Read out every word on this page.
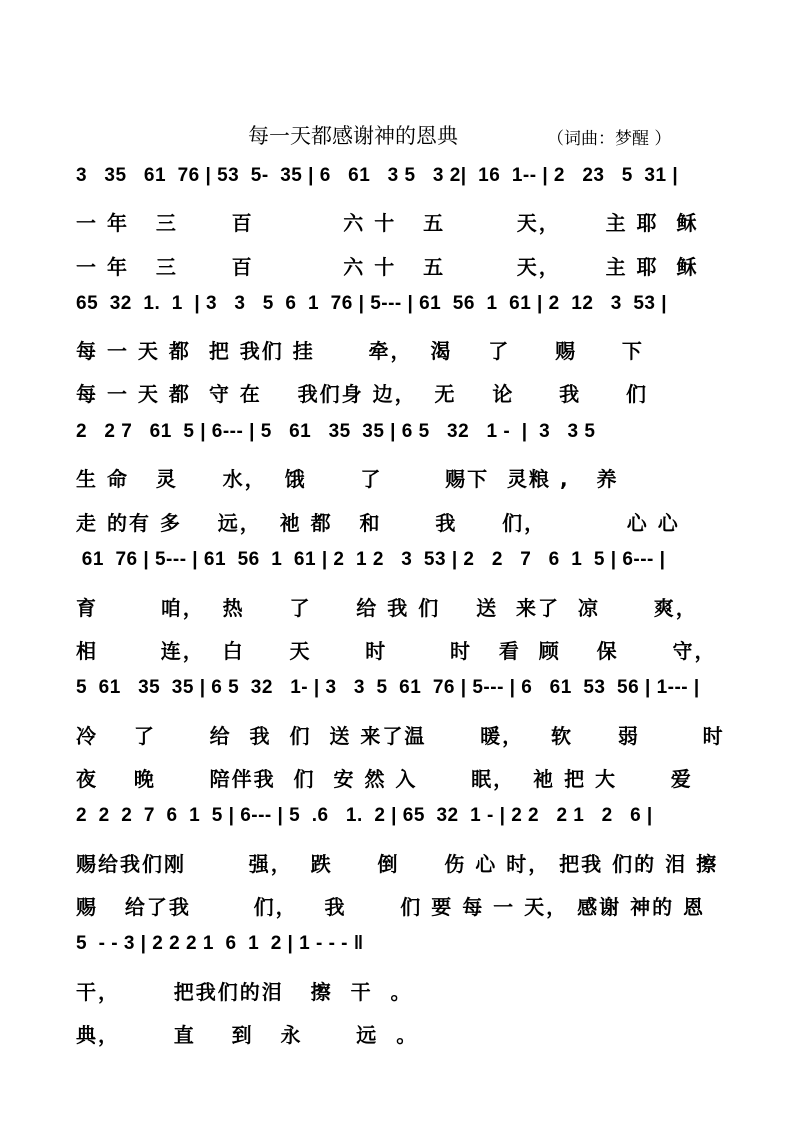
每一天都感谢神的恩典	（词曲：梦醒 ）
3   35   61  76 | 53  5-  35 | 6   61   3 5   3 2|  16  1-- | 2   23   5  31 |
一 年   三      百          六 十   五        天，     主 耶  稣
一 年   三      百          六 十   五        天，     主 耶  稣
65  32  1.  1  | 3   3   5  6  1  76 | 5--- | 61  56  1  61 | 2  12   3  53 |
每 一 天 都  把 我们 挂      牵，  渴    了     赐     下
每 一 天 都  守 在    我们身 边，  无    论     我     们
2   2 7   61  5 | 6--- | 5   61   35  35 | 6 5   32   1 -  |  3   3 5
生 命   灵     水，  饿      了       赐下  灵粮 ,   养
走 的有 多    远，  祂 都   和      我     们，         心 心
61  76 | 5--- | 61  56  1  61 | 2  1 2   3  53 | 2   2   7   6  1  5 | 6--- |
育       咱，  热     了     给 我 们    送  来了  凉      爽，
相       连，  白     天      时       时   看  顾    保      守，
5  61   35  35 | 6 5  32   1- | 3   3  5  61  76 | 5--- | 6   61  53  56 | 1--- |
冷    了      给  我  们  送 来了温      暖，   软     弱       时
夜    晚      陪伴我  们  安 然 入      眠，  祂 把 大      爱
2  2  2  7  6  1  5 | 6--- | 5  .6   1.  2 | 65  32  1 - | 2 2   2 1   2   6 |
赐给我们刚       强，  跌     倒     伤 心 时， 把我 们的 泪 擦
赐   给了我       们，   我      们 要 每 一 天， 感谢 神的 恩
5  - - 3 | 2 2 2 1  6  1  2 | 1 - - - ‖
干，      把我们的泪   擦  干  。
典，      直    到   永      远  。
